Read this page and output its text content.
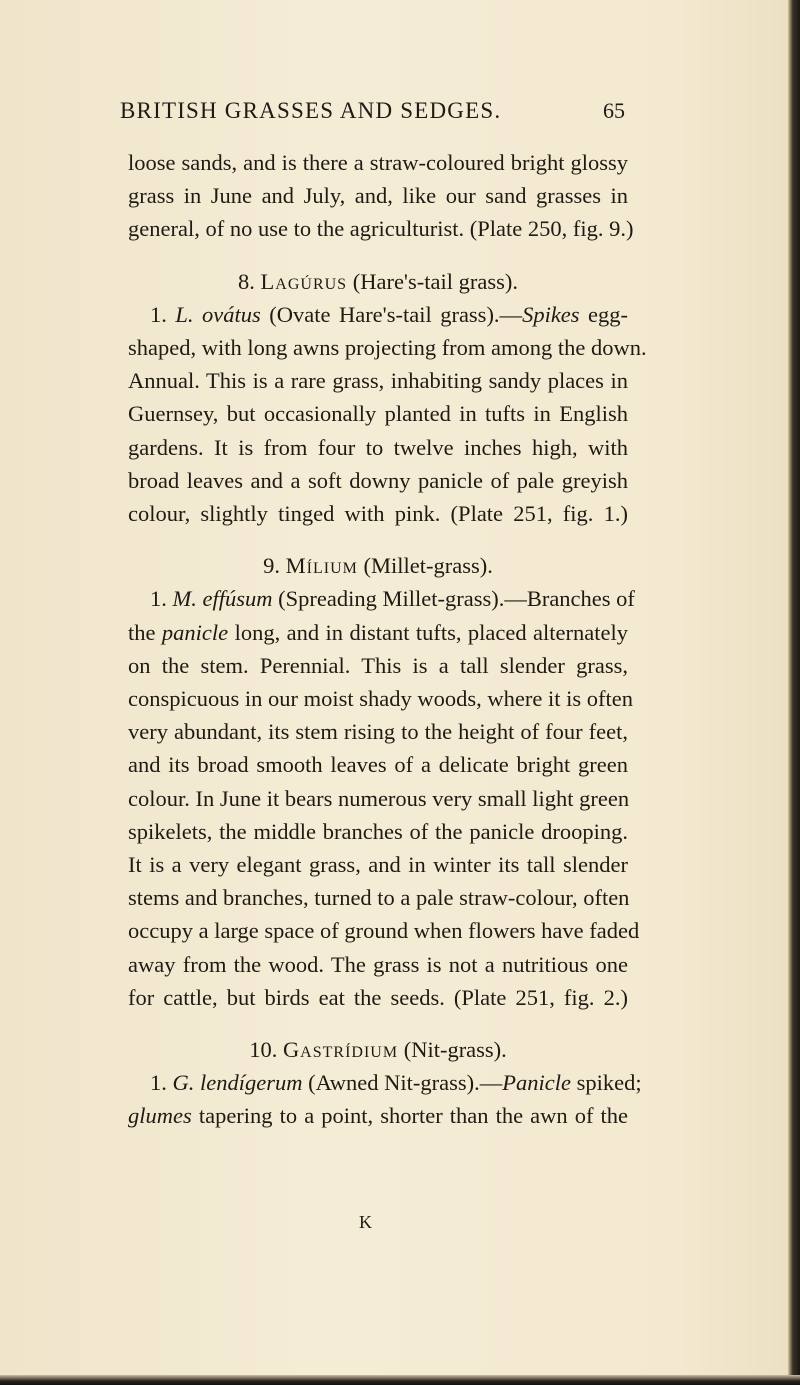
BRITISH GRASSES AND SEDGES.	65
loose sands, and is there a straw-coloured bright glossy
grass in June and July, and, like our sand grasses in
general, of no use to the agriculturist. (Plate 250, fig. 9.)
8. Lagúrus (Hare's-tail grass).
1. L. ovátus (Ovate Hare's-tail grass).—Spikes egg-
shaped, with long awns projecting from among the down.
Annual. This is a rare grass, inhabiting sandy places in
Guernsey, but occasionally planted in tufts in English
gardens. It is from four to twelve inches high, with
broad leaves and a soft downy panicle of pale greyish
colour, slightly tinged with pink. (Plate 251, fig. 1.)
9. Mílium (Millet-grass).
1. M. effúsum (Spreading Millet-grass).—Branches of
the panicle long, and in distant tufts, placed alternately
on the stem. Perennial. This is a tall slender grass,
conspicuous in our moist shady woods, where it is often
very abundant, its stem rising to the height of four feet,
and its broad smooth leaves of a delicate bright green
colour. In June it bears numerous very small light green
spikelets, the middle branches of the panicle drooping.
It is a very elegant grass, and in winter its tall slender
stems and branches, turned to a pale straw-colour, often
occupy a large space of ground when flowers have faded
away from the wood. The grass is not a nutritious one
for cattle, but birds eat the seeds. (Plate 251, fig. 2.)
10. Gastrídium (Nit-grass).
1. G. lendígerum (Awned Nit-grass).—Panicle spiked;
glumes tapering to a point, shorter than the awn of the
K
